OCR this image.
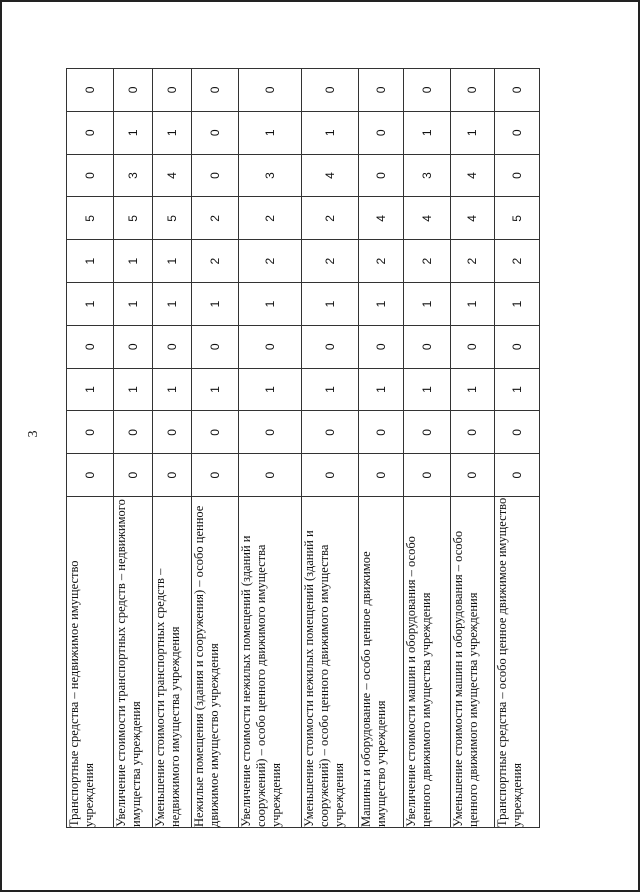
3
Транспортные средства – недвижимое имущество учреждения	0	0	1	0	1	1	5	0	0	0
Увеличение стоимости транспортных средств – недвижимого имущества учреждения	0	0	1	0	1	1	5	3	1	0
Уменьшение стоимости транспортных средств – недвижимого имущества учреждения	0	0	1	0	1	1	5	4	1	0
Нежилые помещения (здания и сооружения) – особо ценное движимое имущество учреждения	0	0	1	0	1	2	2	0	0	0
Увеличение стоимости нежилых помещений (зданий и сооружений) – особо ценного движимого имущества учреждения	0	0	1	0	1	2	2	3	1	0
Уменьшение стоимости нежилых помещений (зданий и сооружений) – особо ценного движимого имущества учреждения	0	0	1	0	1	2	2	4	1	0
Машины и оборудование – особо ценное движимое имущество учреждения	0	0	1	0	1	2	4	0	0	0
Увеличение стоимости машин и оборудования – особо ценного движимого имущества учреждения	0	0	1	0	1	2	4	3	1	0
Уменьшение стоимости машин и оборудования – особо ценного движимого имущества учреждения	0	0	1	0	1	2	4	4	1	0
Транспортные средства – особо ценное движимое имущество учреждения	0	0	1	0	1	2	5	0	0	0
